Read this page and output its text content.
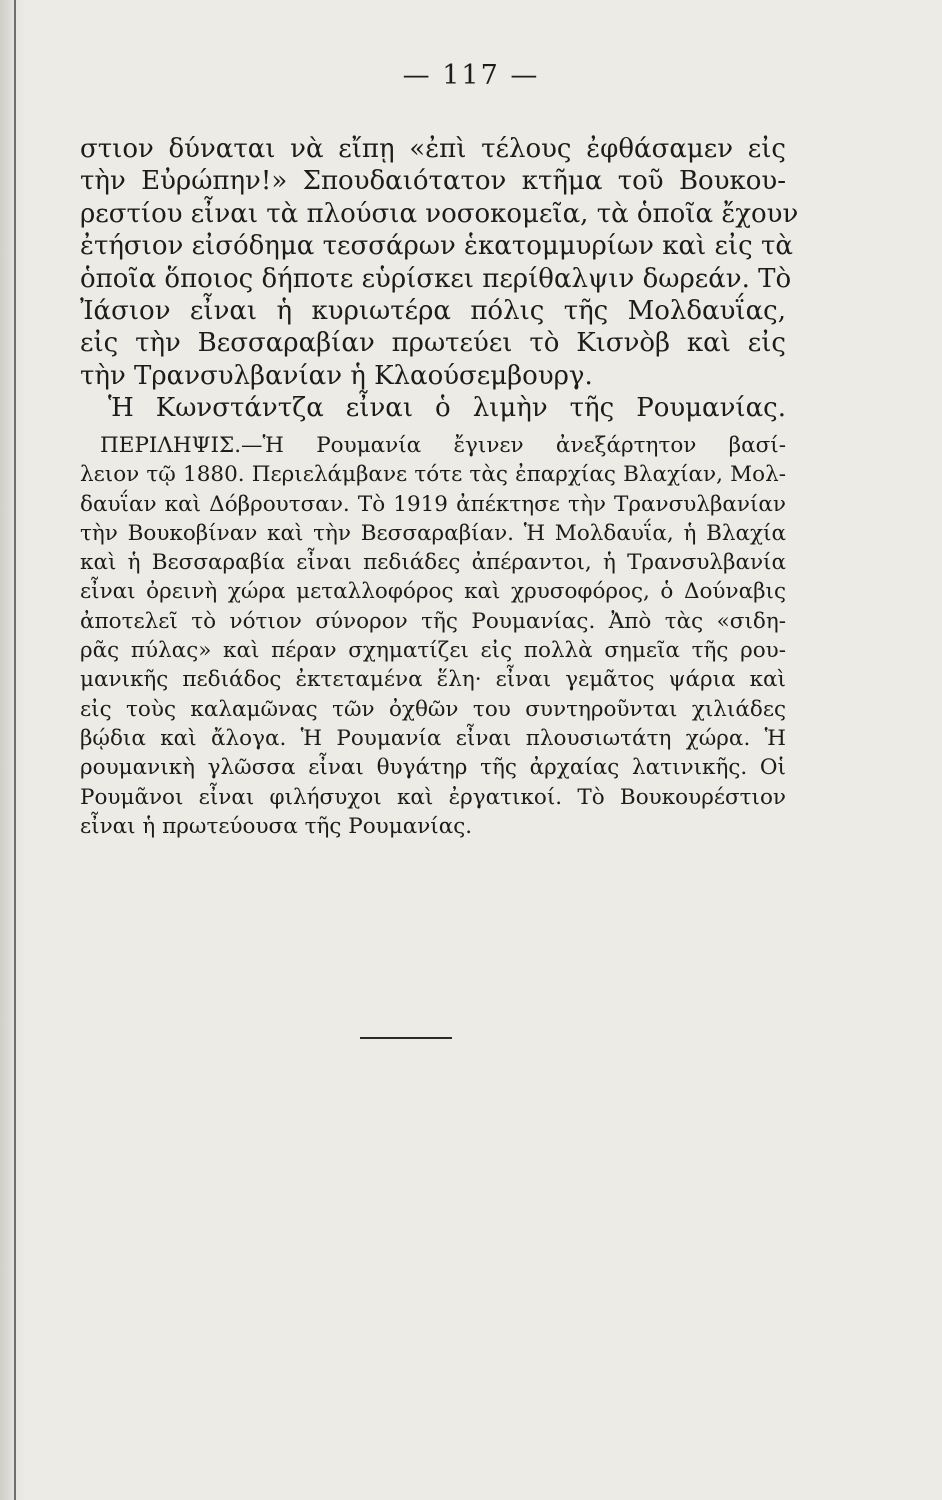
— 117 —
στιον δύναται νὰ εἴπῃ «ἐπὶ τέλους ἐφθάσαμεν εἰς
τὴν Εὐρώπην!» Σπουδαιότατον κτῆμα τοῦ Βουκου-
ρεστίου εἶναι τὰ πλούσια νοσοκομεῖα, τὰ ὁποῖα ἔχουν
ἐτήσιον εἰσόδημα τεσσάρων ἑκατομμυρίων καὶ εἰς τὰ
ὁποῖα ὅποιος δήποτε εὑρίσκει περίθαλψιν δωρεάν. Τὸ
Ἰάσιον εἶναι ἡ κυριωτέρα πόλις τῆς Μολδαυΐας,
εἰς τὴν Βεσσαραβίαν πρωτεύει τὸ Κισνὸβ καὶ εἰς
τὴν Τρανσυλβανίαν ἡ Κλαούσεμβουργ.
Ἡ Κωνστάντζα εἶναι ὁ λιμὴν τῆς Ρουμανίας.
ΠΕΡΙΛΗΨΙΣ.—Ἡ Ρουμανία ἔγινεν ἀνεξάρτητον βασί-
λειον τῷ 1880. Περιελάμβανε τότε τὰς ἐπαρχίας Βλαχίαν, Μολ-
δαυΐαν καὶ Δόβρουτσαν. Τὸ 1919 ἀπέκτησε τὴν Τρανσυλβανίαν
τὴν Βουκοβίναν καὶ τὴν Βεσσαραβίαν. Ἡ Μολδαυΐα, ἡ Βλαχία
καὶ ἡ Βεσσαραβία εἶναι πεδιάδες ἀπέραντοι, ἡ Τρανσυλβανία
εἶναι ὀρεινὴ χώρα μεταλλοφόρος καὶ χρυσοφόρος, ὁ Δούναβις
ἀποτελεῖ τὸ νότιον σύνορον τῆς Ρουμανίας. Ἀπὸ τὰς «σιδη-
ρᾶς πύλας» καὶ πέραν σχηματίζει εἰς πολλὰ σημεῖα τῆς ρου-
μανικῆς πεδιάδος ἐκτεταμένα ἕλη· εἶναι γεμᾶτος ψάρια καὶ
εἰς τοὺς καλαμῶνας τῶν ὀχθῶν του συντηροῦνται χιλιάδες
βῴδια καὶ ἄλογα. Ἡ Ρουμανία εἶναι πλουσιωτάτη χώρα. Ἡ
ρουμανικὴ γλῶσσα εἶναι θυγάτηρ τῆς ἀρχαίας λατινικῆς. Οἱ
Ρουμᾶνοι εἶναι φιλήσυχοι καὶ ἐργατικοί. Τὸ Βουκουρέστιον
εἶναι ἡ πρωτεύουσα τῆς Ρουμανίας.
